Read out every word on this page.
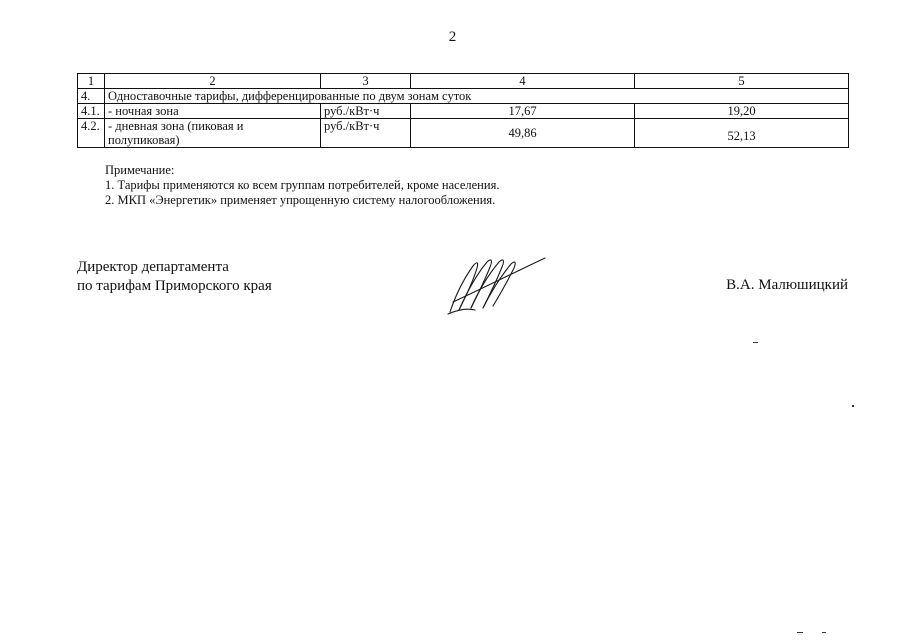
2
1	2	3	4	5
4.	Одноставочные тарифы, дифференцированные по двум зонам суток			
4.1.	- ночная зона	руб./кВт·ч	17,67	19,20
4.2.	- дневная зона (пиковая и полупиковая)	руб./кВт·ч	49,86	52,13
Примечание:
1. Тарифы применяются ко всем группам потребителей, кроме населения.
2. МКП «Энергетик» применяет упрощенную систему налогообложения.
Директор департамента
по тарифам Приморского края	В.А. Малюшицкий
